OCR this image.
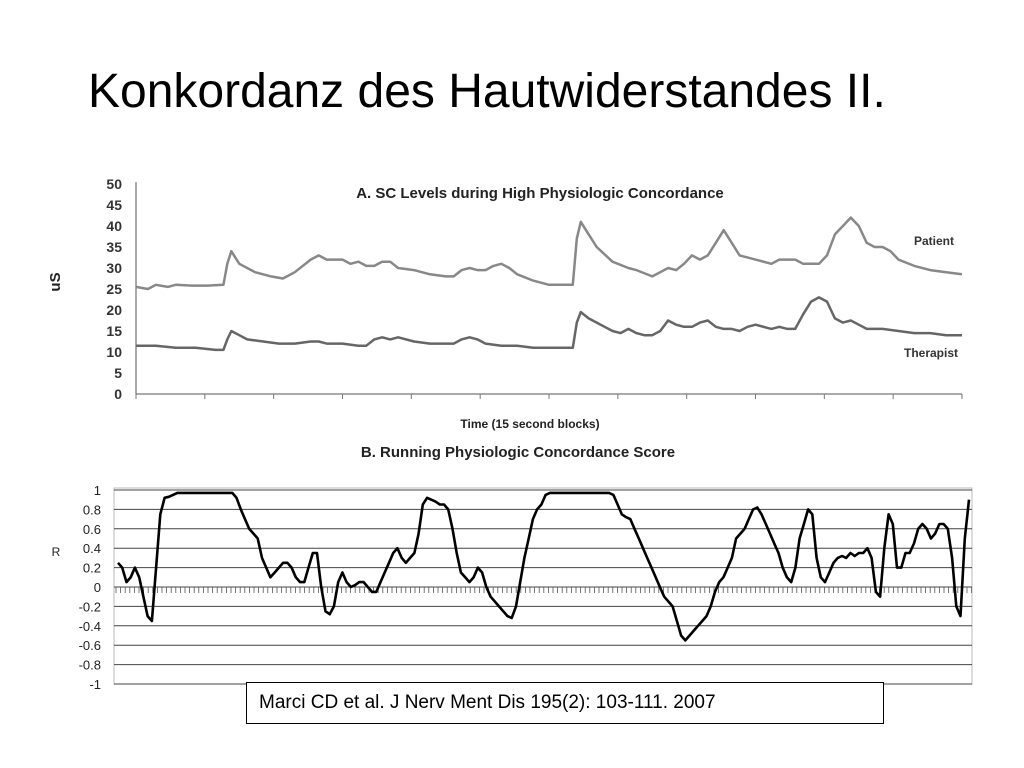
Konkordanz des Hautwiderstandes II.
A. SC Levels during High Physiologic Concordance
uS
Time (15 second blocks)
0
5
10
15
20
25
30
35
40
45
50
Patient
Therapist
B. Running Physiologic Concordance Score
R
-1
-0.8
-0.6
-0.4
-0.2
0
0.2
0.4
0.6
0.8
1
Marci CD et al. J Nerv Ment Dis 195(2): 103-111. 2007
